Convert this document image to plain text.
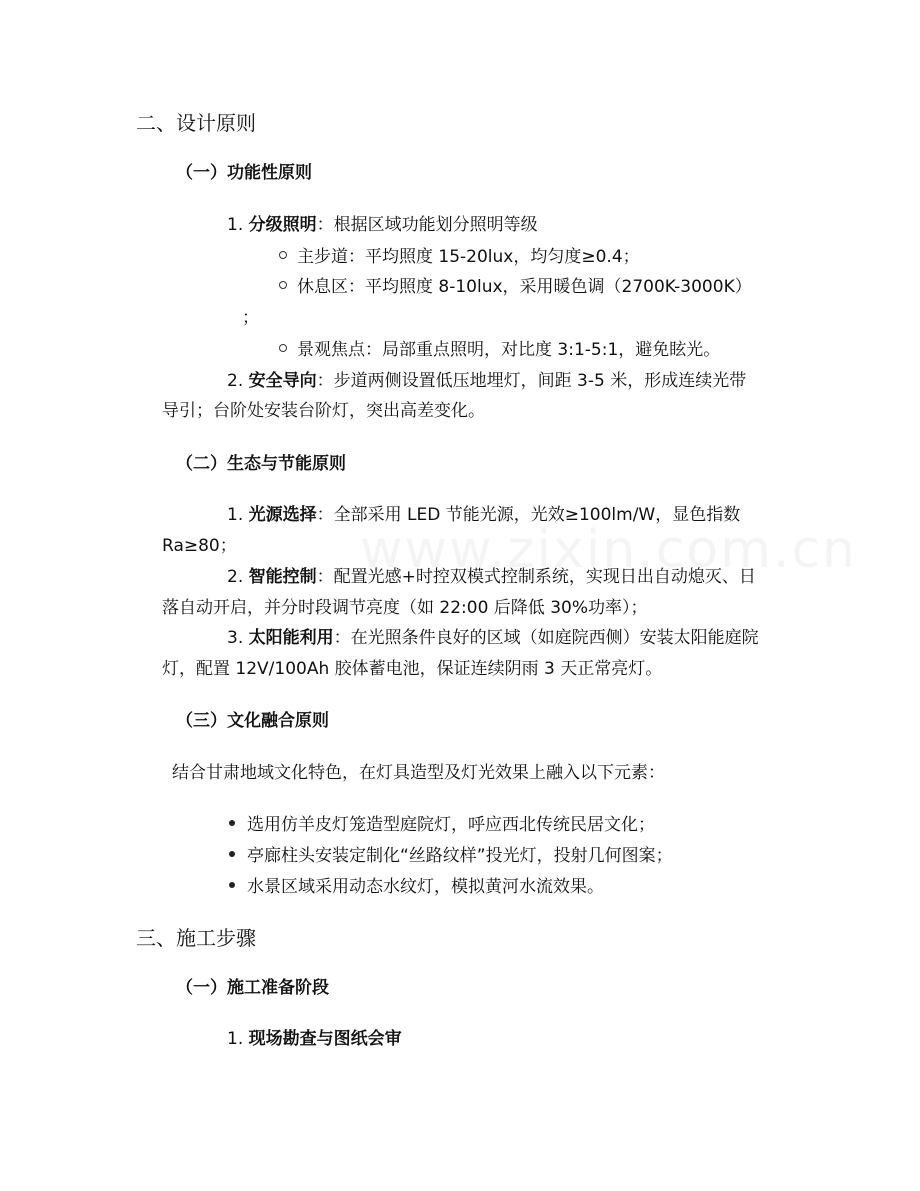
二、设计原则
（一）功能性原则
1. 分级照明：根据区域功能划分照明等级
主步道：平均照度 15-20lux，均匀度≥0.4；
休息区：平均照度 8-10lux，采用暖色调（2700K-3000K）
；
景观焦点：局部重点照明，对比度 3:1-5:1，避免眩光。
2. 安全导向：步道两侧设置低压地埋灯，间距 3-5 米，形成连续光带
导引；台阶处安装台阶灯，突出高差变化。
（二）生态与节能原则
1. 光源选择：全部采用 LED 节能光源，光效≥100lm/W，显色指数
Ra≥80；
2. 智能控制：配置光感+时控双模式控制系统，实现日出自动熄灭、日
落自动开启，并分时段调节亮度（如 22:00 后降低 30%功率）；
3. 太阳能利用：在光照条件良好的区域（如庭院西侧）安装太阳能庭院
灯，配置 12V/100Ah 胶体蓄电池，保证连续阴雨 3 天正常亮灯。
（三）文化融合原则
结合甘肃地域文化特色，在灯具造型及灯光效果上融入以下元素：
选用仿羊皮灯笼造型庭院灯，呼应西北传统民居文化；
亭廊柱头安装定制化“丝路纹样”投光灯，投射几何图案；
水景区域采用动态水纹灯，模拟黄河水流效果。
三、施工步骤
（一）施工准备阶段
1. 现场勘查与图纸会审
